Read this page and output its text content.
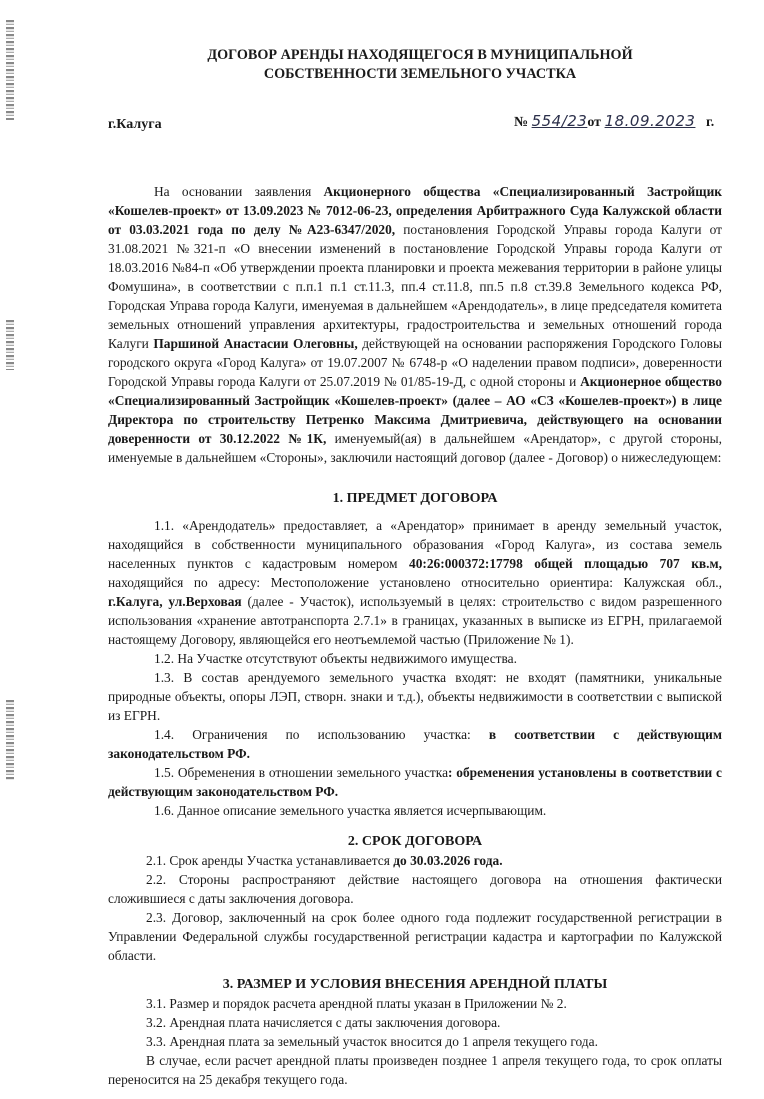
ДОГОВОР АРЕНДЫ НАХОДЯЩЕГОСЯ В МУНИЦИПАЛЬНОЙ
СОБСТВЕННОСТИ ЗЕМЕЛЬНОГО УЧАСТКА
г.Калуга	№ 554/23от 18.09.2023 г.

На основании заявления Акционерного общества «Специализированный Застройщик «Кошелев-проект» от 13.09.2023 № 7012-06-23, определения Арбитражного Суда Калужской области от 03.03.2021 года по делу №А23-6347/2020, постановления Городской Управы города Калуги от 31.08.2021 №321-п «О внесении изменений в постановление Городской Управы города Калуги от 18.03.2016 №84-п «Об утверждении проекта планировки и проекта межевания территории в районе улицы Фомушина», в соответствии с п.п.1 п.1 ст.11.3, пп.4 ст.11.8, пп.5 п.8 ст.39.8 Земельного кодекса РФ, Городская Управа города Калуги, именуемая в дальнейшем «Арендодатель», в лице председателя комитета земельных отношений управления архитектуры, градостроительства и земельных отношений города Калуги Паршиной Анастасии Олеговны, действующей на основании распоряжения Городского Головы городского округа «Город Калуга» от 19.07.2007 № 6748-р «О наделении правом подписи», доверенности Городской Управы города Калуги от 25.07.2019 № 01/85-19-Д, с одной стороны и Акционерное общество «Специализированный Застройщик «Кошелев-проект» (далее – АО «СЗ «Кошелев-проект») в лице Директора по строительству Петренко Максима Дмитриевича, действующего на основании доверенности от 30.12.2022 №1К, именуемый(ая) в дальнейшем «Арендатор», с другой стороны, именуемые в дальнейшем «Стороны», заключили настоящий договор (далее - Договор) о нижеследующем:

1. ПРЕДМЕТ ДОГОВОРА

1.1. «Арендодатель» предоставляет, а «Арендатор» принимает в аренду земельный участок, находящийся в собственности муниципального образования «Город Калуга», из состава земель населенных пунктов с кадастровым номером 40:26:000372:17798 общей площадью 707 кв.м, находящийся по адресу: Местоположение установлено относительно ориентира: Калужская обл., г.Калуга, ул.Верховая (далее - Участок), используемый в целях: строительство с видом разрешенного использования «хранение автотранспорта 2.7.1» в границах, указанных в выписке из ЕГРН, прилагаемой настоящему Договору, являющейся его неотъемлемой частью (Приложение № 1).

1.2. На Участке отсутствуют объекты недвижимого имущества.

1.3. В состав арендуемого земельного участка входят: не входят (памятники, уникальные природные объекты, опоры ЛЭП, створн. знаки и т.д.), объекты недвижимости в соответствии с выпиской из ЕГРН.

1.4. Ограничения по использованию участка: в соответствии с действующим законодательством РФ.

1.5. Обременения в отношении земельного участка: обременения установлены в соответствии с действующим законодательством РФ.

1.6. Данное описание земельного участка является исчерпывающим.

2. СРОК ДОГОВОРА

2.1. Срок аренды Участка устанавливается до 30.03.2026 года.

2.2. Стороны распространяют действие настоящего договора на отношения фактически сложившиеся с даты заключения договора.

2.3. Договор, заключенный на срок более одного года подлежит государственной регистрации в Управлении Федеральной службы государственной регистрации кадастра и картографии по Калужской области.

3. РАЗМЕР И УСЛОВИЯ ВНЕСЕНИЯ АРЕНДНОЙ ПЛАТЫ

3.1. Размер и порядок расчета арендной платы указан в Приложении № 2.

3.2. Арендная плата начисляется с даты заключения договора.

3.3. Арендная плата за земельный участок вносится до 1 апреля текущего года.

В случае, если расчет арендной платы произведен позднее 1 апреля текущего года, то срок оплаты переносится на 25 декабря текущего года.
